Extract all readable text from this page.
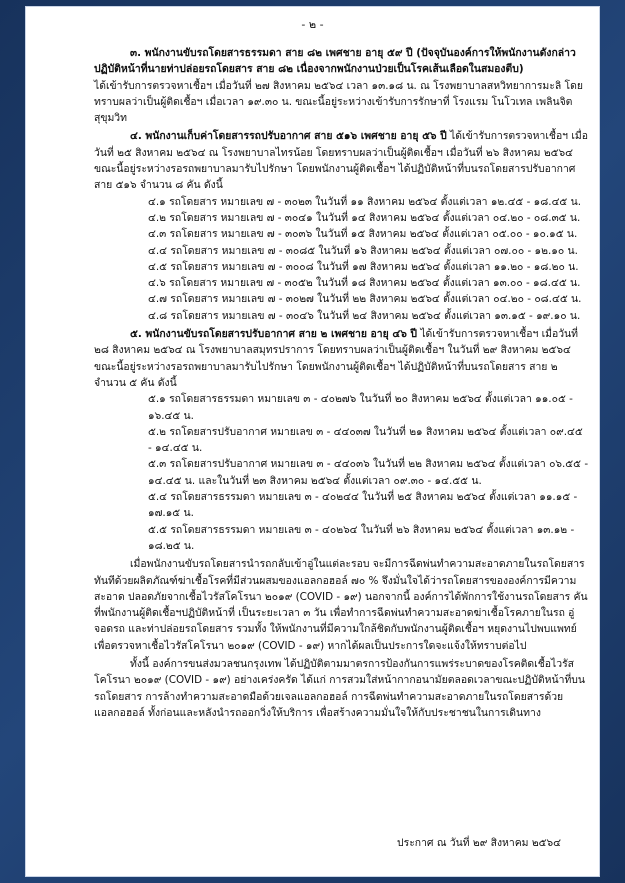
- ๒ -

๓. พนักงานขับรถโดยสารธรรมดา สาย ๘๒ เพศชาย อายุ ๕๙ ปี (ปัจจุบันองค์การให้พนักงานดังกล่าว ปฏิบัติหน้าที่นายท่าปล่อยรถโดยสาร สาย ๘๒ เนื่องจากพนักงานป่วยเป็นโรคเส้นเลือดในสมองตีบ)

ได้เข้ารับการตรวจหาเชื้อฯ เมื่อวันที่ ๒๗ สิงหาคม ๒๕๖๔ เวลา ๑๓.๑๘ น. ณ โรงพยาบาลสหวิทยาการมะลิ โดยทราบผลว่าเป็นผู้ติดเชื้อฯ เมื่อเวลา ๑๙.๓๐ น. ขณะนี้อยู่ระหว่างเข้ารับการรักษาที่ โรงแรม โนโวเทล เพลินจิต สุขุมวิท

๔. พนักงานเก็บค่าโดยสารรถปรับอากาศ สาย ๕๑๖ เพศชาย อายุ ๕๖ ปี ได้เข้ารับการตรวจหาเชื้อฯ เมื่อวันที่ ๒๕ สิงหาคม ๒๕๖๔ ณ โรงพยาบาลไทรน้อย โดยทราบผลว่าเป็นผู้ติดเชื้อฯ เมื่อวันที่ ๒๖ สิงหาคม ๒๕๖๔ ขณะนี้อยู่ระหว่างรอรถพยาบาลมารับไปรักษา โดยพนักงานผู้ติดเชื้อฯ ได้ปฏิบัติหน้าที่บนรถโดยสารปรับอากาศ สาย ๕๑๖ จำนวน ๘ คัน ดังนี้

๔.๑ รถโดยสาร หมายเลข ๗ - ๓๐๒๓ ในวันที่ ๑๑ สิงหาคม ๒๕๖๔ ตั้งแต่เวลา ๑๒.๔๕ - ๑๘.๔๕ น.

๔.๒ รถโดยสาร หมายเลข ๗ - ๓๐๔๑ ในวันที่ ๑๔ สิงหาคม ๒๕๖๔ ตั้งแต่เวลา ๐๔.๒๐ - ๐๘.๓๕ น.

๔.๓ รถโดยสาร หมายเลข ๗ - ๓๐๓๖ ในวันที่ ๑๕ สิงหาคม ๒๕๖๔ ตั้งแต่เวลา ๐๕.๐๐ - ๑๐.๑๕ น.

๔.๔ รถโดยสาร หมายเลข ๗ - ๓๐๘๕ ในวันที่ ๑๖ สิงหาคม ๒๕๖๔ ตั้งแต่เวลา ๐๗.๐๐ - ๑๒.๑๐ น.

๔.๕ รถโดยสาร หมายเลข ๗ - ๓๐๐๘ ในวันที่ ๑๗ สิงหาคม ๒๕๖๔ ตั้งแต่เวลา ๑๑.๒๐ - ๑๘.๒๐ น.

๔.๖ รถโดยสาร หมายเลข ๗ - ๓๐๕๒ ในวันที่ ๑๘ สิงหาคม ๒๕๖๔ ตั้งแต่เวลา ๑๓.๐๐ - ๑๘.๔๕ น.

๔.๗ รถโดยสาร หมายเลข ๗ - ๓๐๒๗ ในวันที่ ๒๒ สิงหาคม ๒๕๖๔ ตั้งแต่เวลา ๐๔.๒๐ - ๐๘.๔๕ น.

๔.๘ รถโดยสาร หมายเลข ๗ - ๓๐๔๖ ในวันที่ ๒๔ สิงหาคม ๒๕๖๔ ตั้งแต่เวลา ๑๓.๑๕ - ๑๙.๑๐ น.

๕. พนักงานขับรถโดยสารปรับอากาศ สาย ๒ เพศชาย อายุ ๔๖ ปี ได้เข้ารับการตรวจหาเชื้อฯ เมื่อวันที่ ๒๘ สิงหาคม ๒๕๖๔ ณ โรงพยาบาลสมุทรปราการ โดยทราบผลว่าเป็นผู้ติดเชื้อฯ ในวันที่ ๒๙ สิงหาคม ๒๕๖๔ ขณะนี้อยู่ระหว่างรอรถพยาบาลมารับไปรักษา โดยพนักงานผู้ติดเชื้อฯ ได้ปฏิบัติหน้าที่บนรถโดยสาร สาย ๒ จำนวน ๕ คัน ดังนี้

๕.๑ รถโดยสารธรรมดา หมายเลข ๓ - ๔๐๒๗๖ ในวันที่ ๒๐ สิงหาคม ๒๕๖๔ ตั้งแต่เวลา ๑๑.๐๕ - ๑๖.๔๕ น.

๕.๒ รถโดยสารปรับอากาศ หมายเลข ๓ - ๔๔๐๓๗ ในวันที่ ๒๑ สิงหาคม ๒๕๖๔ ตั้งแต่เวลา ๐๙.๔๕ - ๑๔.๔๕ น.

๕.๓ รถโดยสารปรับอากาศ หมายเลข ๓ - ๔๔๐๓๖ ในวันที่ ๒๒ สิงหาคม ๒๕๖๔ ตั้งแต่เวลา ๐๖.๕๕ - ๑๔.๔๕ น. และในวันที่ ๒๓ สิงหาคม ๒๕๖๔ ตั้งแต่เวลา ๐๙.๓๐ - ๑๔.๕๕ น.

๕.๔ รถโดยสารธรรมดา หมายเลข ๓ - ๔๐๒๔๔ ในวันที่ ๒๕ สิงหาคม ๒๕๖๔ ตั้งแต่เวลา ๑๑.๑๕ - ๑๗.๑๕ น.

๕.๕ รถโดยสารธรรมดา หมายเลข ๓ - ๔๐๒๖๔ ในวันที่ ๒๖ สิงหาคม ๒๕๖๔ ตั้งแต่เวลา ๑๓.๑๒ - ๑๘.๒๕ น.

เมื่อพนักงานขับรถโดยสารนำรถกลับเข้าอู่ในแต่ละรอบ จะมีการฉีดพ่นทำความสะอาดภายในรถโดยสารทันทีด้วยผลิตภัณฑ์ฆ่าเชื้อโรคที่มีส่วนผสมของแอลกอฮอล์ ๗๐ % จึงมั่นใจได้ว่ารถโดยสารขององค์การมีความสะอาด ปลอดภัยจากเชื้อไวรัสโคโรนา ๒๐๑๙ (COVID - ๑๙) นอกจากนี้ องค์การได้พักการใช้งานรถโดยสาร คันที่พนักงานผู้ติดเชื้อฯปฏิบัติหน้าที่ เป็นระยะเวลา ๓ วัน เพื่อทำการฉีดพ่นทำความสะอาดฆ่าเชื้อโรคภายในรถ อู่จอดรถ และท่าปล่อยรถโดยสาร รวมทั้ง ให้พนักงานที่มีความใกล้ชิดกับพนักงานผู้ติดเชื้อฯ หยุดงานไปพบแพทย์ เพื่อตรวจหาเชื้อไวรัสโคโรนา ๒๐๑๙ (COVID - ๑๙) หากได้ผลเป็นประการใดจะแจ้งให้ทราบต่อไป

ทั้งนี้ องค์การขนส่งมวลชนกรุงเทพ ได้ปฏิบัติตามมาตรการป้องกันการแพร่ระบาดของโรคติดเชื้อไวรัสโคโรนา ๒๐๑๙ (COVID - ๑๙) อย่างเคร่งครัด ได้แก่ การสวมใส่หน้ากากอนามัยตลอดเวลาขณะปฏิบัติหน้าที่บนรถโดยสาร การล้างทำความสะอาดมือด้วยเจลแอลกอฮอล์ การฉีดพ่นทำความสะอาดภายในรถโดยสารด้วยแอลกอฮอล์ ทั้งก่อนและหลังนำรถออกวิ่งให้บริการ เพื่อสร้างความมั่นใจให้กับประชาชนในการเดินทาง

ประกาศ ณ วันที่ ๒๙ สิงหาคม ๒๕๖๔
